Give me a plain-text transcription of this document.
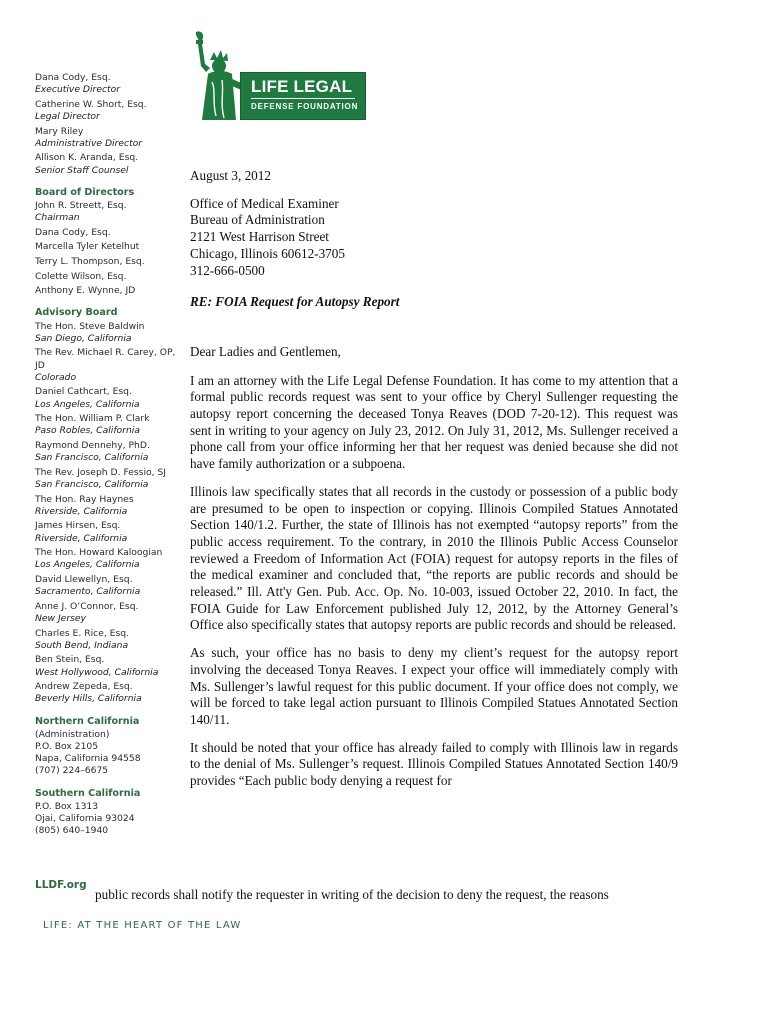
LIFE LEGAL
DEFENSE FOUNDATION
Dana Cody, Esq.
Executive Director
Catherine W. Short, Esq.
Legal Director
Mary Riley
Administrative Director
Allison K. Aranda, Esq.
Senior Staff Counsel
Board of Directors
John R. Streett, Esq.
Chairman
Dana Cody, Esq.
Marcella Tyler Ketelhut
Terry L. Thompson, Esq.
Colette Wilson, Esq.
Anthony E. Wynne, JD
Advisory Board
The Hon. Steve Baldwin
San Diego, California
The Rev. Michael R. Carey, OP, JD
Colorado
Daniel Cathcart, Esq.
Los Angeles, California
The Hon. William P. Clark
Paso Robles, California
Raymond Dennehy, PhD.
San Francisco, California
The Rev. Joseph D. Fessio, SJ
San Francisco, California
The Hon. Ray Haynes
Riverside, California
James Hirsen, Esq.
Riverside, California
The Hon. Howard Kaloogian
Los Angeles, California
David Llewellyn, Esq.
Sacramento, California
Anne J. O’Connor, Esq.
New Jersey
Charles E. Rice, Esq.
South Bend, Indiana
Ben Stein, Esq.
West Hollywood, California
Andrew Zepeda, Esq.
Beverly Hills, California
Northern California
(Administration)
P.O. Box 2105
Napa, California 94558
(707) 224–6675
Southern California
P.O. Box 1313
Ojai, California 93024
(805) 640–1940
LLDF.org
LIFE: AT THE HEART OF THE LAW
August 3, 2012
Office of Medical Examiner
Bureau of Administration
2121 West Harrison Street
Chicago, Illinois 60612-3705
312-666-0500
RE: FOIA Request for Autopsy Report
Dear Ladies and Gentlemen,
I am an attorney with the Life Legal Defense Foundation. It has come to my attention that a formal public records request was sent to your office by Cheryl Sullenger requesting the autopsy report concerning the deceased Tonya Reaves (DOD 7-20-12). This request was sent in writing to your agency on July 23, 2012. On July 31, 2012, Ms. Sullenger received a phone call from your office informing her that her request was denied because she did not have family authorization or a subpoena.
Illinois law specifically states that all records in the custody or possession of a public body are presumed to be open to inspection or copying. Illinois Compiled Statues Annotated Section 140/1.2. Further, the state of Illinois has not exempted “autopsy reports” from the public access requirement. To the contrary, in 2010 the Illinois Public Access Counselor reviewed a Freedom of Information Act (FOIA) request for autopsy reports in the files of the medical examiner and concluded that, “the reports are public records and should be released.” Ill. Att'y Gen. Pub. Acc. Op. No. 10-003, issued October 22, 2010. In fact, the FOIA Guide for Law Enforcement published July 12, 2012, by the Attorney General’s Office also specifically states that autopsy reports are public records and should be released.
As such, your office has no basis to deny my client’s request for the autopsy report involving the deceased Tonya Reaves. I expect your office will immediately comply with Ms. Sullenger’s lawful request for this public document. If your office does not comply, we will be forced to take legal action pursuant to Illinois Compiled Statues Annotated Section 140/11.
It should be noted that your office has already failed to comply with Illinois law in regards to the denial of Ms. Sullenger’s request. Illinois Compiled Statues Annotated Section 140/9 provides “Each public body denying a request for
public records shall notify the requester in writing of the decision to deny the request, the reasons
